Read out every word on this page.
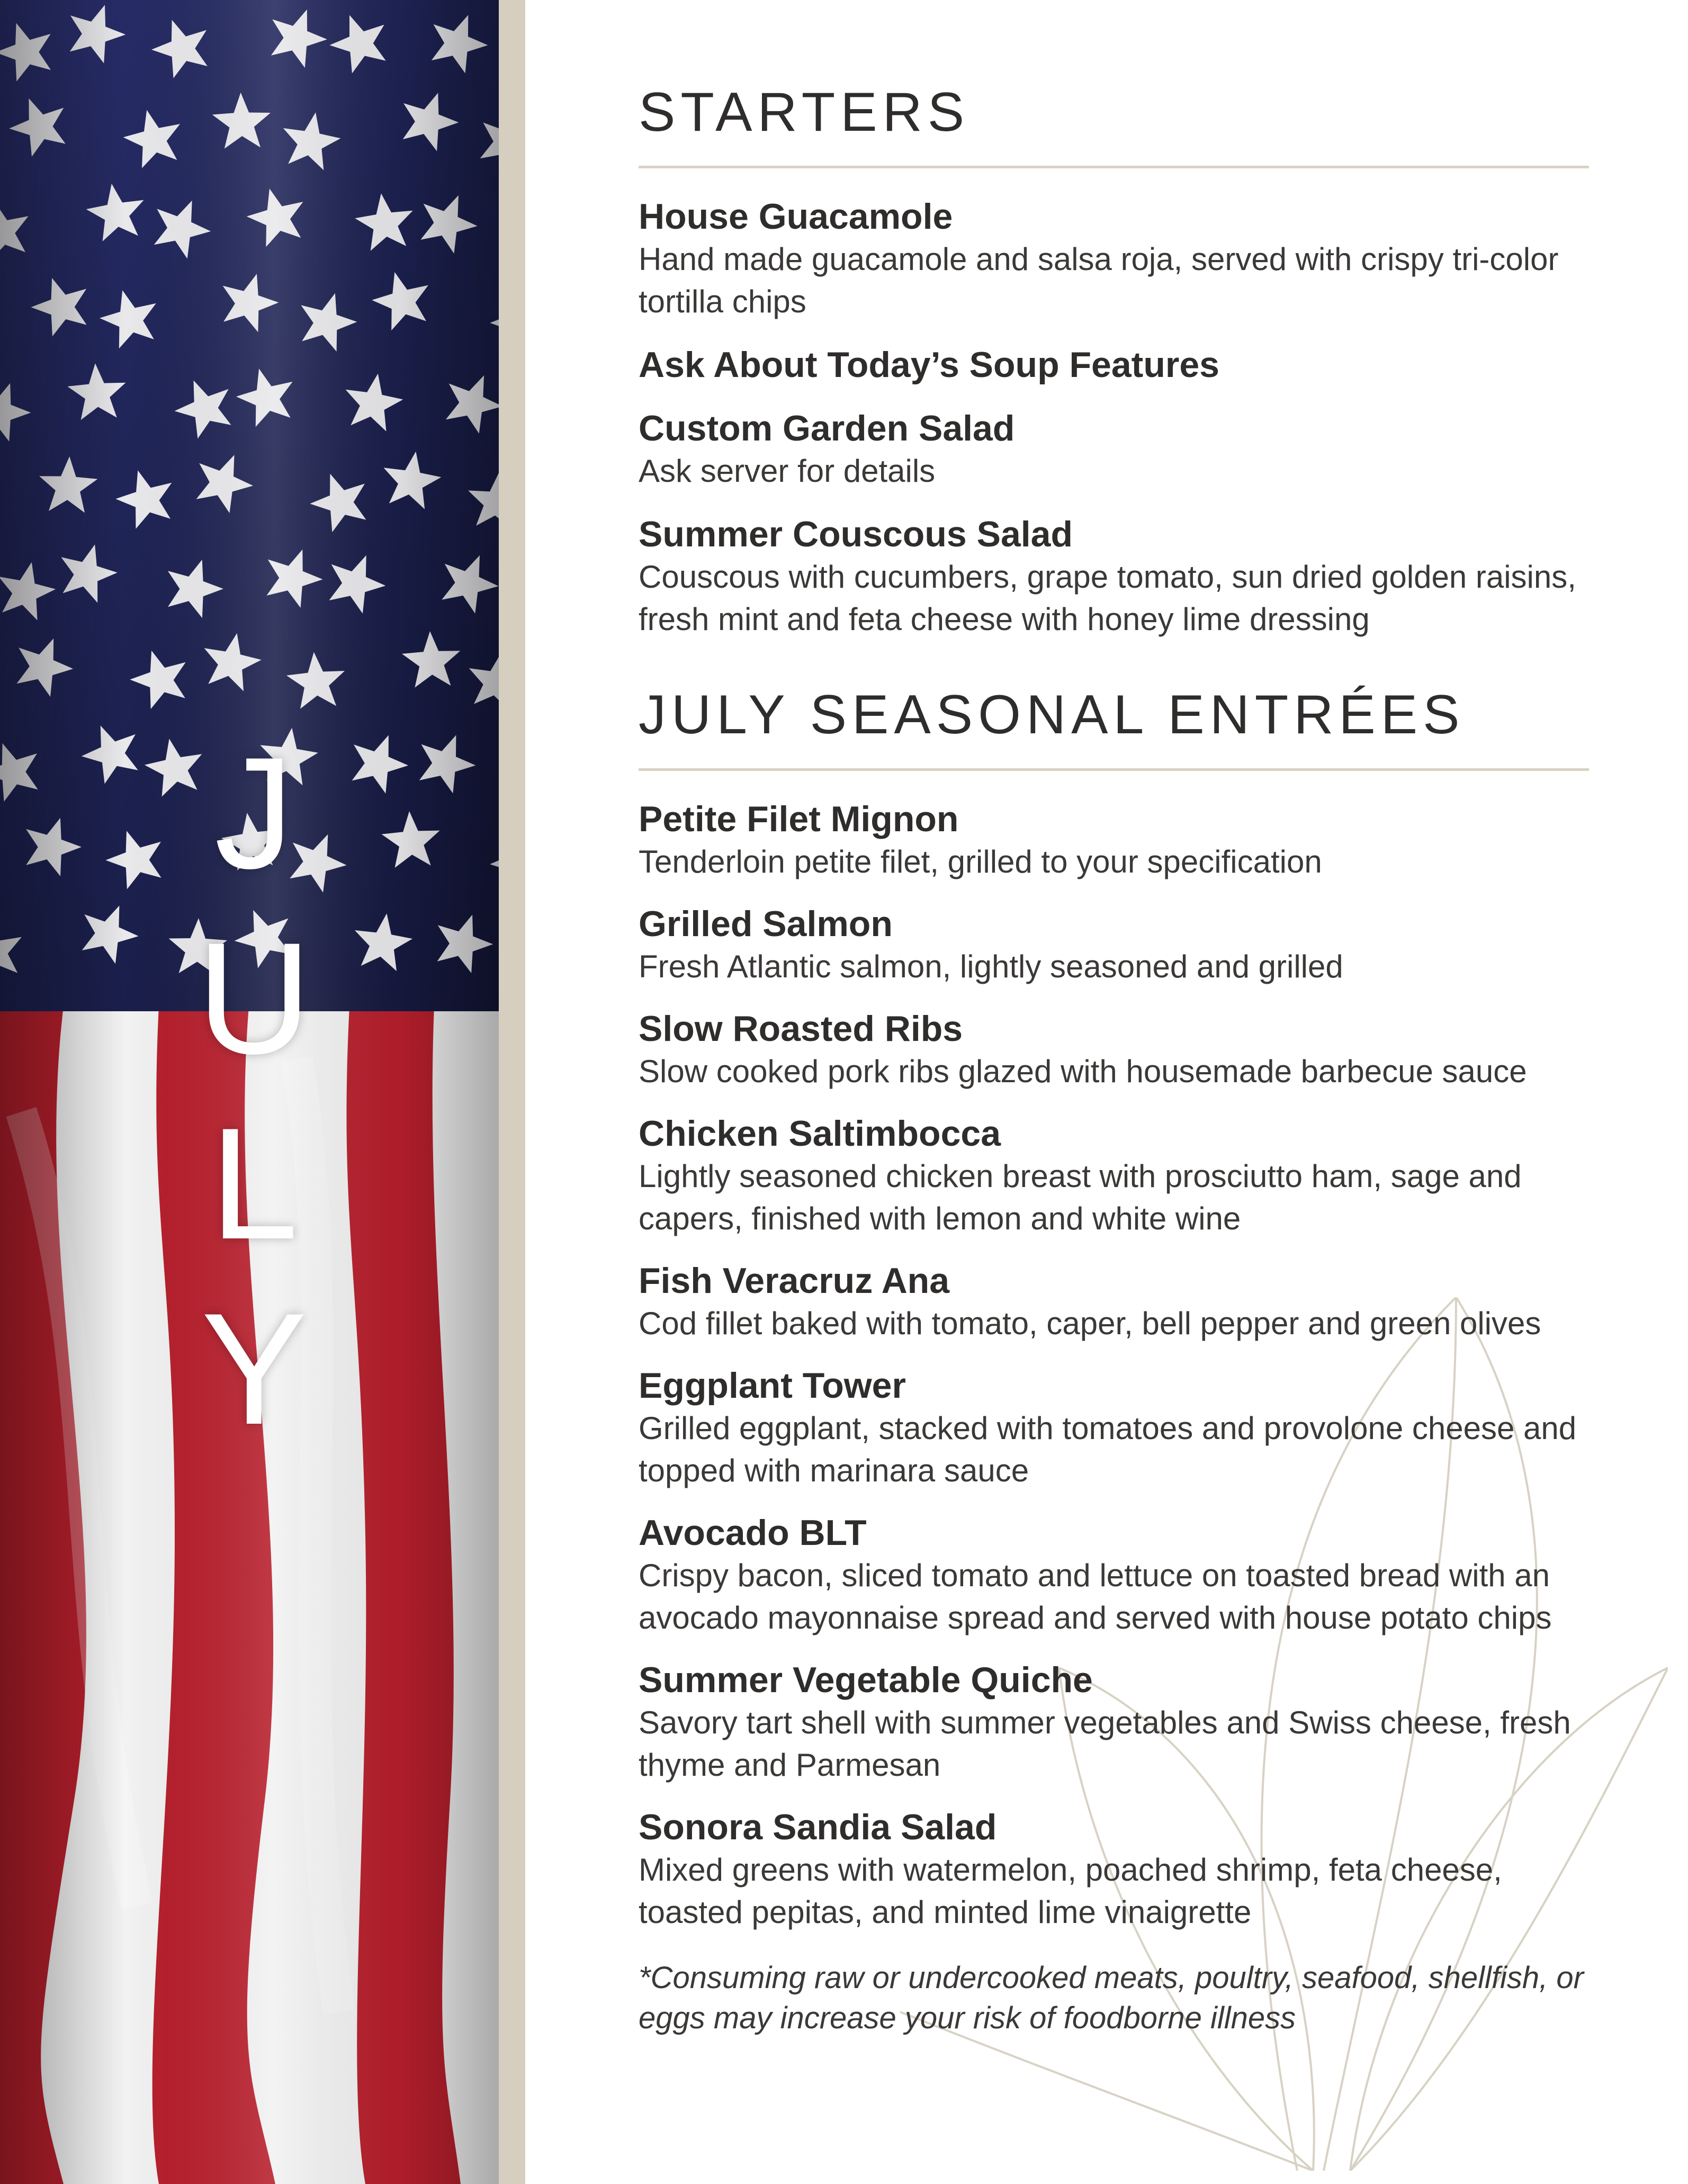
J
U
L
Y
STARTERS
House Guacamole
Hand made guacamole and salsa roja, served with crispy tri-color tortilla chips
Ask About Today’s Soup Features
Custom Garden Salad
Ask server for details
Summer Couscous Salad
Couscous with cucumbers, grape tomato, sun dried golden raisins, fresh mint and feta cheese with honey lime dressing
JULY SEASONAL ENTRÉES
Petite Filet Mignon
Tenderloin petite filet, grilled to your specification
Grilled Salmon
Fresh Atlantic salmon, lightly seasoned and grilled
Slow Roasted Ribs
Slow cooked pork ribs glazed with housemade barbecue sauce
Chicken Saltimbocca
Lightly seasoned chicken breast with prosciutto ham, sage and capers, finished with lemon and white wine
Fish Veracruz Ana
Cod fillet baked with tomato, caper, bell pepper and green olives
Eggplant Tower
Grilled eggplant, stacked with tomatoes and provolone cheese and topped with marinara sauce
Avocado BLT
Crispy bacon, sliced tomato and lettuce on toasted bread with an avocado mayonnaise spread and served with house potato chips
Summer Vegetable Quiche
Savory tart shell with summer vegetables and Swiss cheese, fresh thyme and Parmesan
Sonora Sandia Salad
Mixed greens with watermelon, poached shrimp, feta cheese, toasted pepitas, and minted lime vinaigrette

*Consuming raw or undercooked meats, poultry, seafood, shellfish, or eggs may increase your risk of foodborne illness
